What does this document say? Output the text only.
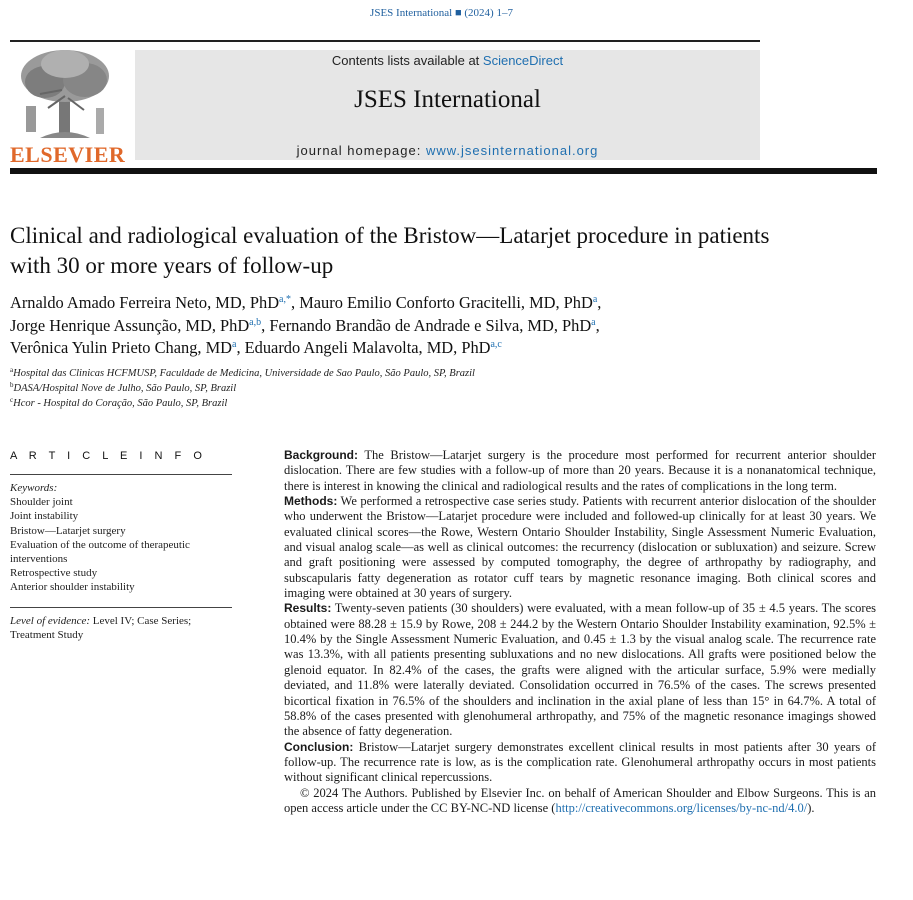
JSES International ■ (2024) 1–7
ELSEVIER
Contents lists available at ScienceDirect
JSES International
journal homepage: www.jsesinternational.org
Clinical and radiological evaluation of the Bristow—Latarjet procedure in patients with 30 or more years of follow-up
Arnaldo Amado Ferreira Neto, MD, PhD$^{a,*}$, Mauro Emilio Conforto Gracitelli, MD, PhD$^a$,
Jorge Henrique Assunção, MD, PhD$^{a,b}$, Fernando Brandão de Andrade e Silva, MD, PhD$^a$,
Verônica Yulin Prieto Chang, $MD^a$, Eduardo Angeli Malavolta, MD, PhD$^{a,c}$
$^a$Hospital das Clinicas HCFMUSP, Faculdade de Medicina, Universidade de Sao Paulo, São Paulo, SP, Brazil
$^b$DASA/Hospital Nove de Julho, São Paulo, SP, Brazil
$^c$Hcor - Hospital do Coração, São Paulo, SP, Brazil
A R T I C L E I N F O
Keywords:
Shoulder joint
Joint instability
Bristow—Latarjet surgery
Evaluation of the outcome of therapeutic interventions
Retrospective study
Anterior shoulder instability
Level of evidence: Level IV; Case Series; Treatment Study

Background: The Bristow—Latarjet surgery is the procedure most performed for recurrent anterior shoulder dislocation. There are few studies with a follow-up of more than 20 years. Because it is a nonanatomical technique, there is interest in knowing the clinical and radiological results and the rates of complications in the long term.

Methods: We performed a retrospective case series study. Patients with recurrent anterior dislocation of the shoulder who underwent the Bristow—Latarjet procedure were included and followed-up clinically for at least 30 years. We evaluated clinical scores—the Rowe, Western Ontario Shoulder Instability, Single Assessment Numeric Evaluation, and visual analog scale—as well as clinical outcomes: the recurrency (dislocation or subluxation) and seizure. Screw and graft positioning were assessed by computed tomography, the degree of arthropathy by radiography, and subscapularis fatty degeneration as rotator cuff tears by magnetic resonance imaging. Both clinical scores and imaging were obtained at 30 years of surgery.

Results: Twenty-seven patients (30 shoulders) were evaluated, with a mean follow-up of 35 ± 4.5 years. The scores obtained were 88.28 ± 15.9 by Rowe, 208 ± 244.2 by the Western Ontario Shoulder Instability examination, 92.5% ± 10.4% by the Single Assessment Numeric Evaluation, and 0.45 ± 1.3 by the visual analog scale. The recurrence rate was 13.3%, with all patients presenting subluxations and no new dislocations. All grafts were positioned below the glenoid equator. In 82.4% of the cases, the grafts were aligned with the articular surface, 5.9% were medially deviated, and 11.8% were laterally deviated. Consolidation occurred in 76.5% of the cases. The screws presented bicortical fixation in 76.5% of the shoulders and inclination in the axial plane of less than 15° in 64.7%. A total of 58.8% of the cases presented with glenohumeral arthropathy, and 75% of the magnetic resonance imagings showed the absence of fatty degeneration.

Conclusion: Bristow—Latarjet surgery demonstrates excellent clinical results in most patients after 30 years of follow-up. The recurrence rate is low, as is the complication rate. Glenohumeral arthropathy occurs in most patients without significant clinical repercussions.

© 2024 The Authors. Published by Elsevier Inc. on behalf of American Shoulder and Elbow Surgeons. This is an open access article under the CC BY-NC-ND license (http://creativecommons.org/licenses/by-nc-nd/4.0/).
